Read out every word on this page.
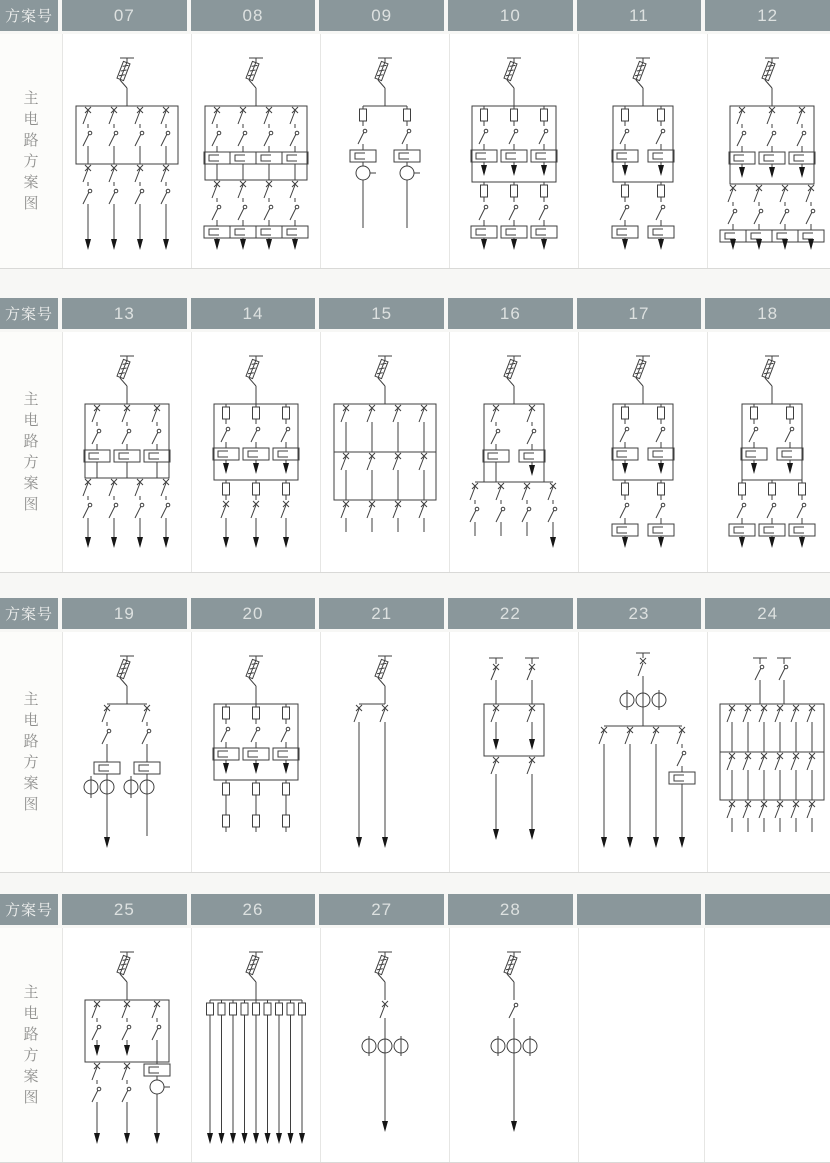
方案号	07	08	09	10	11	12
主
电
路
方
案
图
方案号	13	14	15	16	17	18
主
电
路
方
案
图
方案号	19	20	21	22	23	24
主
电
路
方
案
图
方案号	25	26	27	28
主
电
路
方
案
图
